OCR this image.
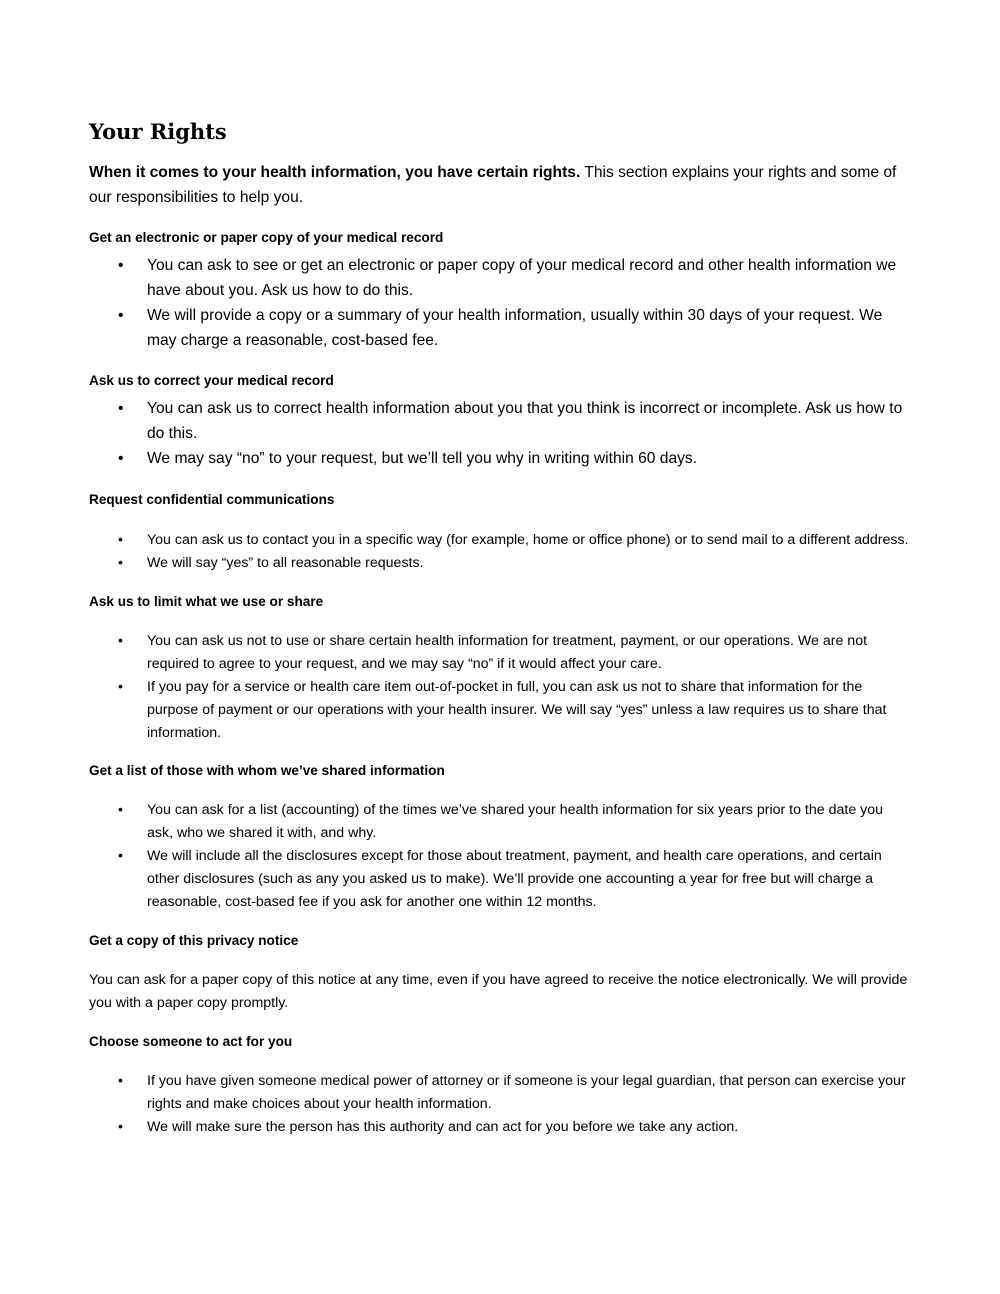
Your Rights

When it comes to your health information, you have certain rights. This section explains your rights and some of our responsibilities to help you.

Get an electronic or paper copy of your medical record

• You can ask to see or get an electronic or paper copy of your medical record and other health information we have about you. Ask us how to do this.
• We will provide a copy or a summary of your health information, usually within 30 days of your request. We may charge a reasonable, cost-based fee.

Ask us to correct your medical record

• You can ask us to correct health information about you that you think is incorrect or incomplete. Ask us how to do this.
• We may say “no” to your request, but we’ll tell you why in writing within 60 days.

Request confidential communications

• You can ask us to contact you in a specific way (for example, home or office phone) or to send mail to a different address.
• We will say “yes” to all reasonable requests.

Ask us to limit what we use or share

• You can ask us not to use or share certain health information for treatment, payment, or our operations. We are not required to agree to your request, and we may say “no” if it would affect your care.
• If you pay for a service or health care item out-of-pocket in full, you can ask us not to share that information for the purpose of payment or our operations with your health insurer. We will say “yes” unless a law requires us to share that information.

Get a list of those with whom we’ve shared information

• You can ask for a list (accounting) of the times we’ve shared your health information for six years prior to the date you ask, who we shared it with, and why.
• We will include all the disclosures except for those about treatment, payment, and health care operations, and certain other disclosures (such as any you asked us to make). We’ll provide one accounting a year for free but will charge a reasonable, cost-based fee if you ask for another one within 12 months.

Get a copy of this privacy notice

You can ask for a paper copy of this notice at any time, even if you have agreed to receive the notice electronically. We will provide you with a paper copy promptly.

Choose someone to act for you

• If you have given someone medical power of attorney or if someone is your legal guardian, that person can exercise your rights and make choices about your health information.
• We will make sure the person has this authority and can act for you before we take any action.
